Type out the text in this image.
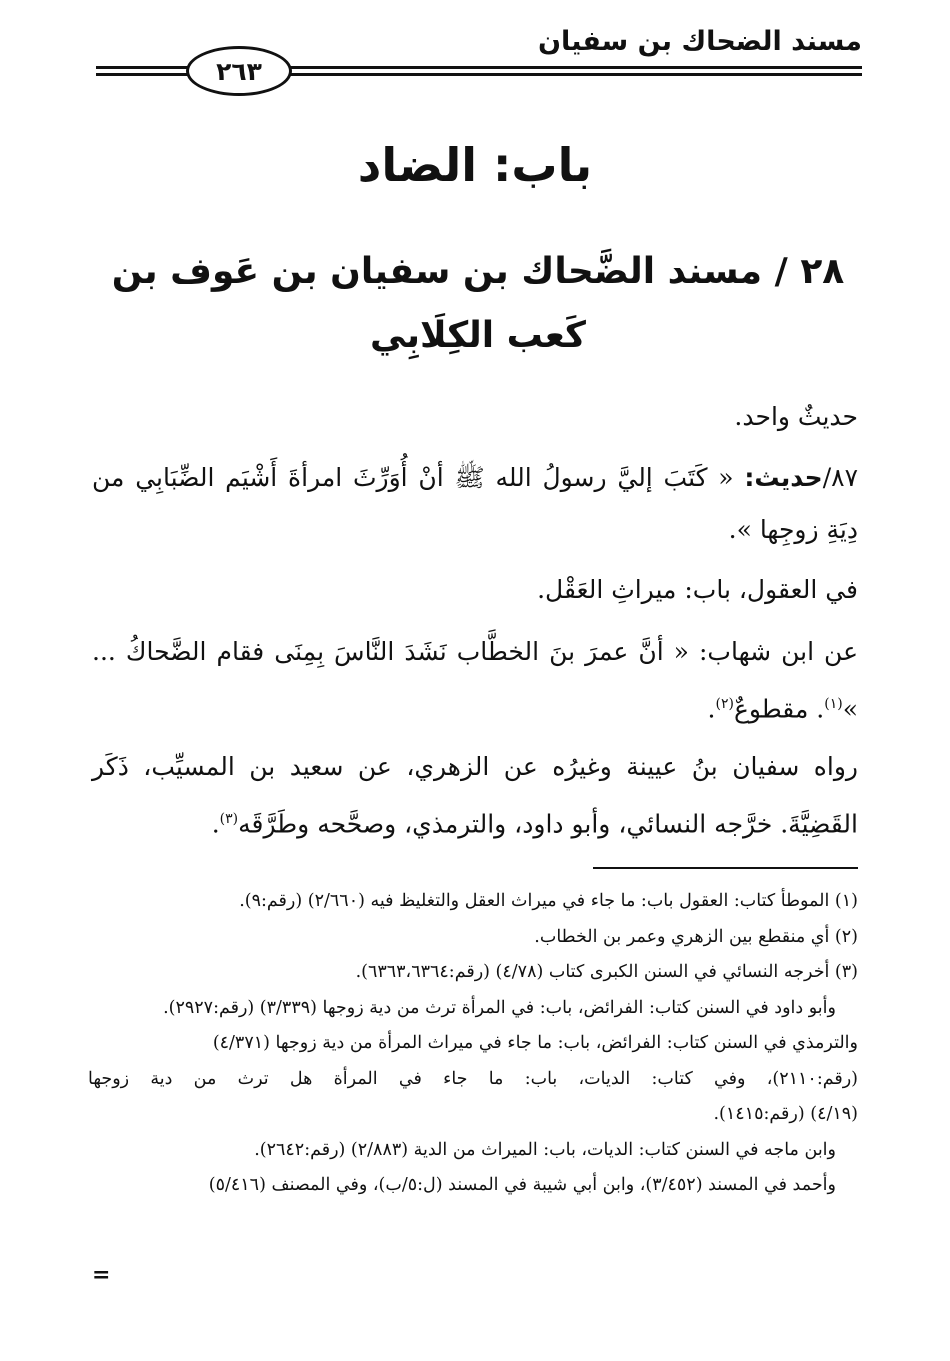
مسند الضحاك بن سفيان
٢٦٣
باب: الضاد
٢٨ / مسند الضَّحاك بن سفيان بن عَوف بن كَعب الكِلَابِي
حديثٌ واحد.
٨٧/حديث: « كَتَبَ إليَّ رسولُ الله ﷺ أنْ أُوَرِّثَ امرأةَ أَشْيَم الضِّبَابِي من دِيَةِ زوجِها ».
في العقول، باب: ميراثِ العَقْل.
عن ابن شهاب: « أنَّ عمرَ بنَ الخطَّاب نَشَدَ النَّاسَ بِمِنَى فقام الضَّحاكُ ... »$^{(١)}$. مقطوعٌ$^{(٢)}$.
رواه سفيان بنُ عيينة وغيرُه عن الزهري، عن سعيد بن المسيِّب، ذَكَر القَضِيَّةَ. خرَّجه النسائي، وأبو داود، والترمذي، وصحَّحه وطَرَّقَه$^{(٣)}$.
(١) الموطأ كتاب: العقول باب: ما جاء في ميراث العقل والتغليظ فيه (٢/٦٦٠) (رقم:٩).
(٢) أي منقطع بين الزهري وعمر بن الخطاب.
(٣) أخرجه النسائي في السنن الكبرى كتاب (٤/٧٨) (رقم:٦٣٦٣،٦٣٦٤).
وأبو داود في السنن كتاب: الفرائض، باب: في المرأة ترث من دية زوجها (٣/٣٣٩) (رقم:٢٩٢٧).
والترمذي في السنن كتاب: الفرائض، باب: ما جاء في ميراث المرأة من دية زوجها (٤/٣٧١)
(رقم:٢١١٠)، وفي كتاب: الديات، باب: ما جاء في المرأة هل ترث من دية زوجها
(٤/١٩) (رقم:١٤١٥).
وابن ماجه في السنن كتاب: الديات، باب: الميراث من الدية (٢/٨٨٣) (رقم:٢٦٤٢).
وأحمد في المسند (٣/٤٥٢)، وابن أبي شيبة في المسند (ل:٥/ب)، وفي المصنف (٥/٤١٦)
=
